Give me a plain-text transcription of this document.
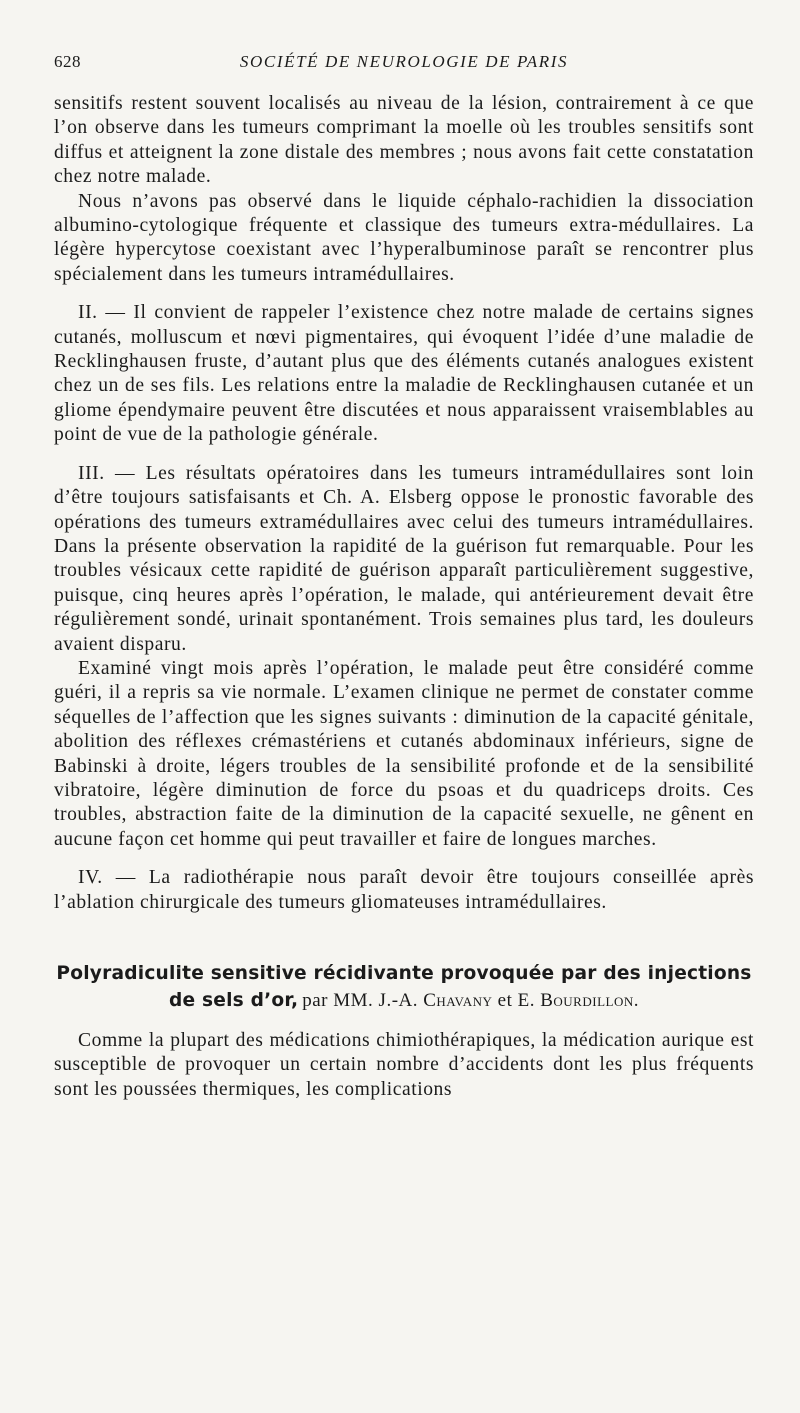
628	SOCIÉTÉ DE NEUROLOGIE DE PARIS

sensitifs restent souvent localisés au niveau de la lésion, contrairement à ce que l’on observe dans les tumeurs comprimant la moelle où les troubles sensitifs sont diffus et atteignent la zone distale des membres ; nous avons fait cette constatation chez notre malade.

Nous n’avons pas observé dans le liquide céphalo-rachidien la dissociation albumino-cytologique fréquente et classique des tumeurs extra-médullaires. La légère hypercytose coexistant avec l’hyperalbuminose paraît se rencontrer plus spécialement dans les tumeurs intramédullaires.

II. — Il convient de rappeler l’existence chez notre malade de certains signes cutanés, molluscum et nœvi pigmentaires, qui évoquent l’idée d’une maladie de Recklinghausen fruste, d’autant plus que des éléments cutanés analogues existent chez un de ses fils. Les relations entre la maladie de Recklinghausen cutanée et un gliome épendymaire peuvent être discutées et nous apparaissent vraisemblables au point de vue de la pathologie générale.

III. — Les résultats opératoires dans les tumeurs intramédullaires sont loin d’être toujours satisfaisants et Ch. A. Elsberg oppose le pronostic favorable des opérations des tumeurs extramédullaires avec celui des tumeurs intramédullaires. Dans la présente observation la rapidité de la guérison fut remarquable. Pour les troubles vésicaux cette rapidité de guérison apparaît particulièrement suggestive, puisque, cinq heures après l’opération, le malade, qui antérieurement devait être régulièrement sondé, urinait spontanément. Trois semaines plus tard, les douleurs avaient disparu.

Examiné vingt mois après l’opération, le malade peut être considéré comme guéri, il a repris sa vie normale. L’examen clinique ne permet de constater comme séquelles de l’affection que les signes suivants : diminution de la capacité génitale, abolition des réflexes crémastériens et cutanés abdominaux inférieurs, signe de Babinski à droite, légers troubles de la sensibilité profonde et de la sensibilité vibratoire, légère diminution de force du psoas et du quadriceps droits. Ces troubles, abstraction faite de la diminution de la capacité sexuelle, ne gênent en aucune façon cet homme qui peut travailler et faire de longues marches.

IV. — La radiothérapie nous paraît devoir être toujours conseillée après l’ablation chirurgicale des tumeurs gliomateuses intramédullaires.

Polyradiculite sensitive récidivante provoquée par des injections de sels d’or, par MM. J.-A. Chavany et E. Bourdillon.

Comme la plupart des médications chimiothérapiques, la médication aurique est susceptible de provoquer un certain nombre d’accidents dont les plus fréquents sont les poussées thermiques, les complications
